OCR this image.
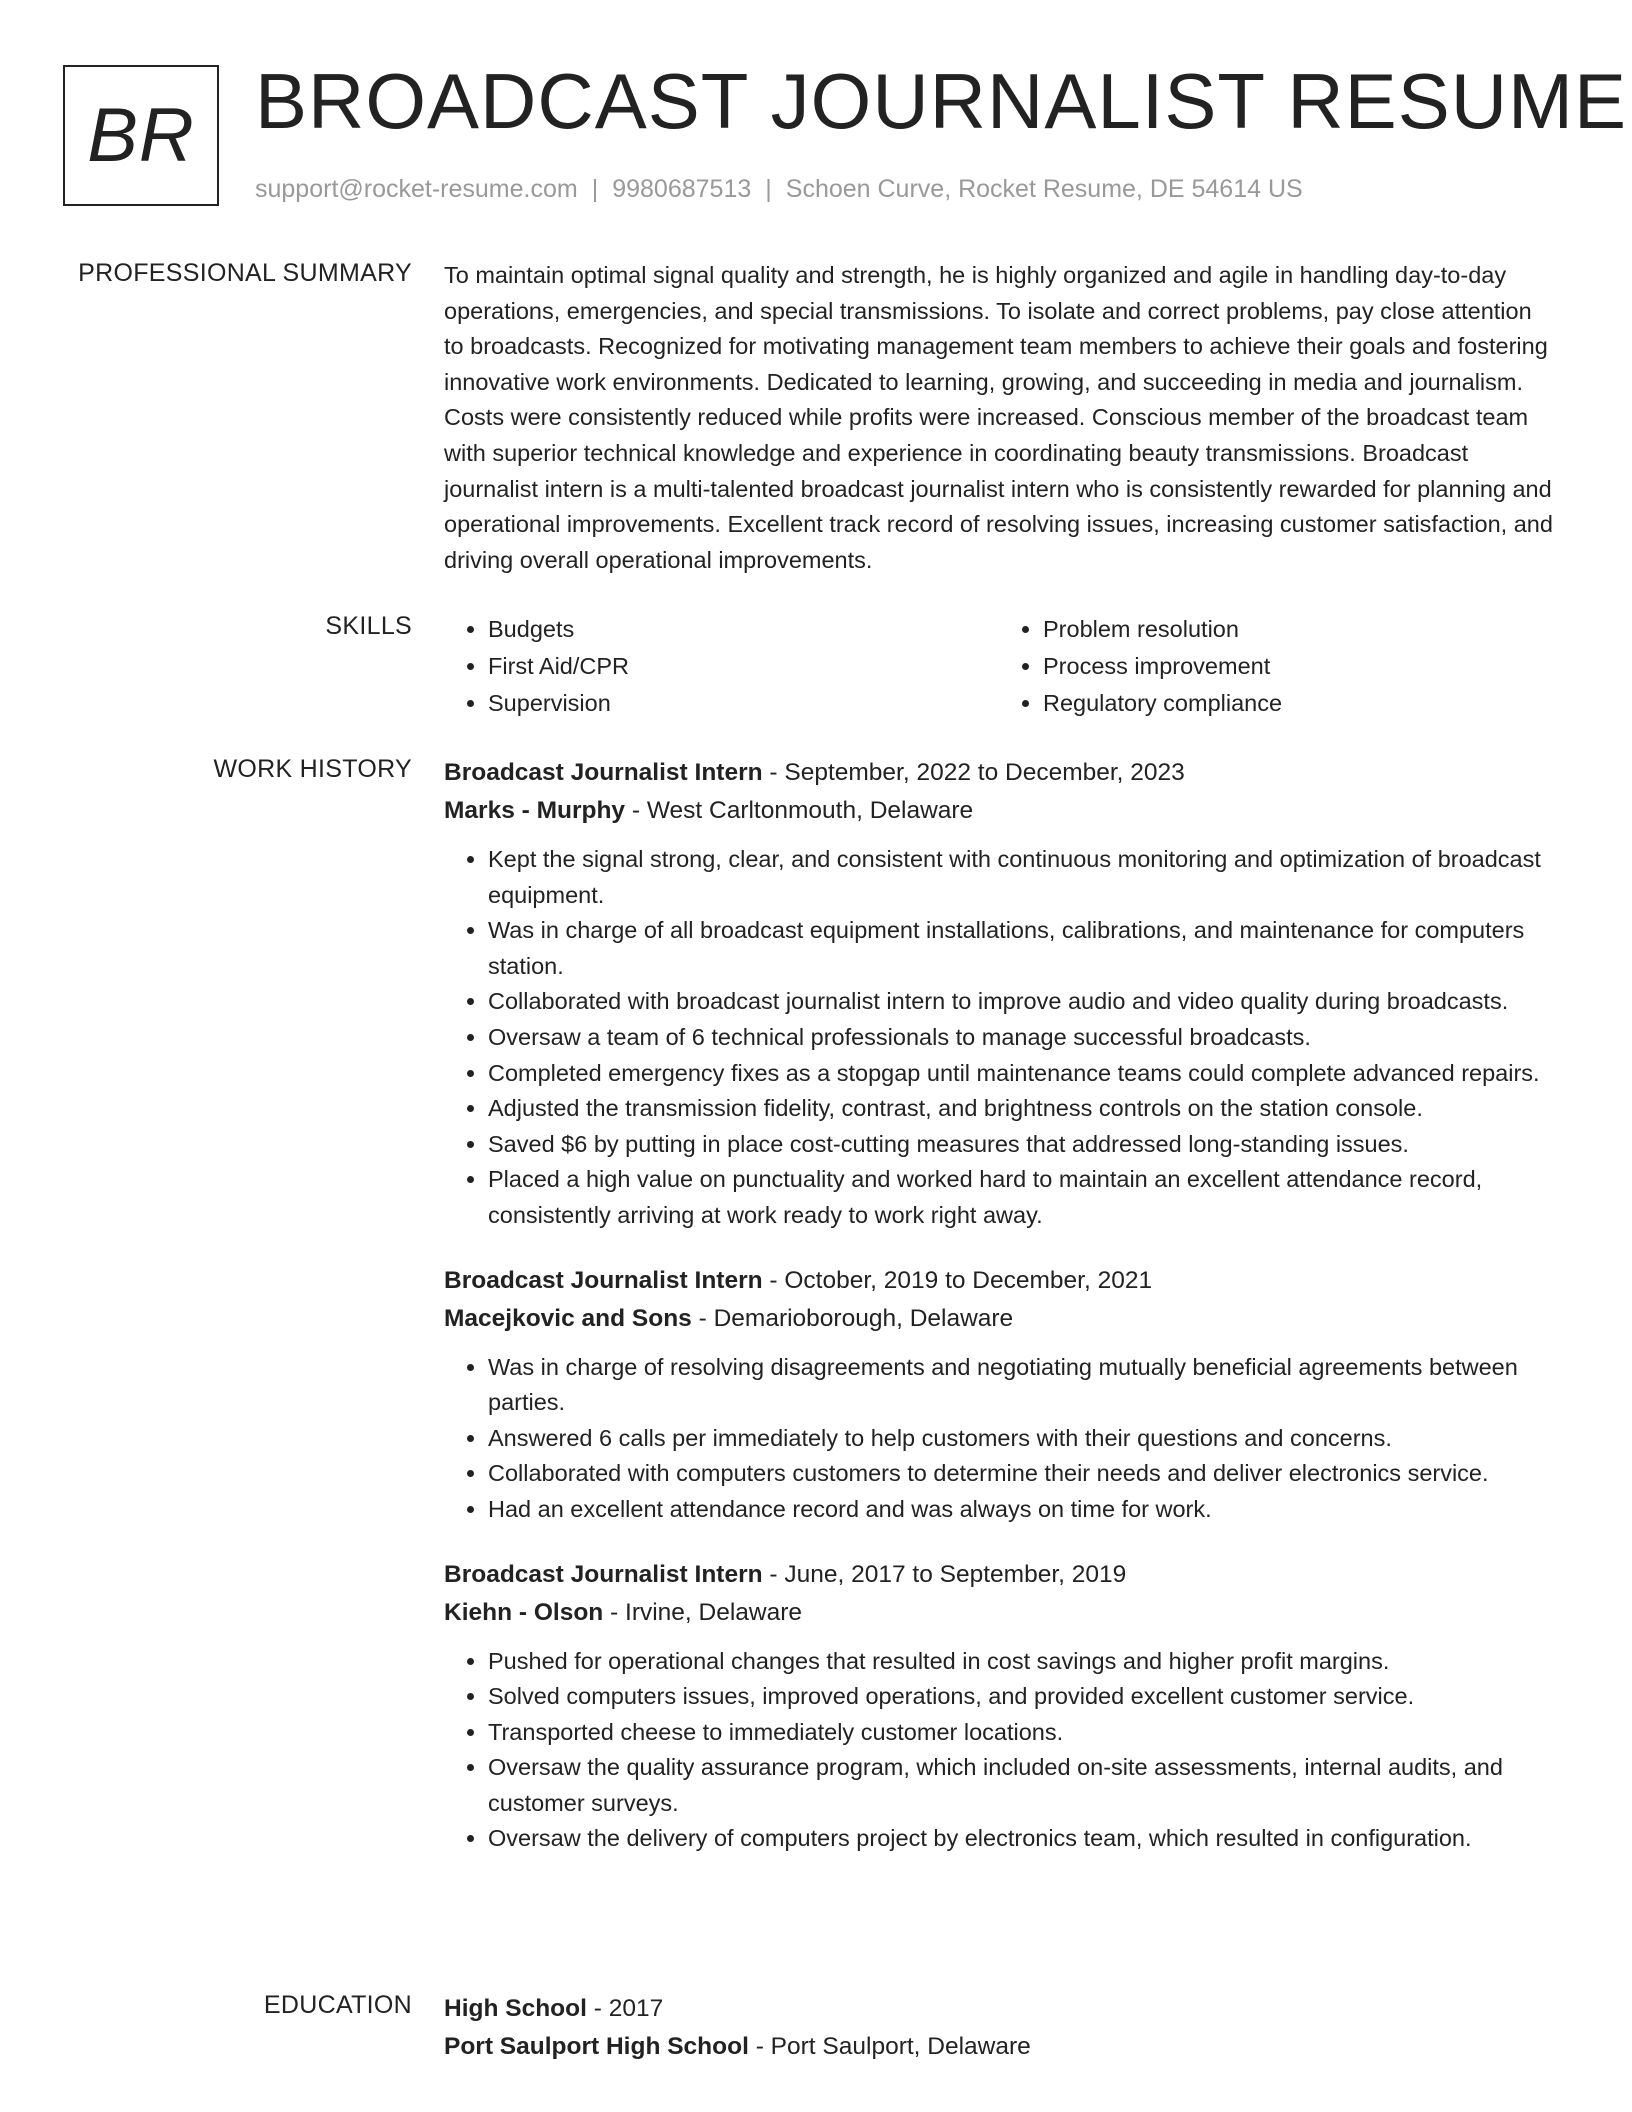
BR BROADCAST JOURNALIST RESUME
support@rocket-resume.com | 9980687513 | Schoen Curve, Rocket Resume, DE 54614 US
PROFESSIONAL SUMMARY To maintain optimal signal quality and strength, he is highly organized and agile in handling day-to-day operations, emergencies, and special transmissions. To isolate and correct problems, pay close attention to broadcasts. Recognized for motivating management team members to achieve their goals and fostering innovative work environments. Dedicated to learning, growing, and succeeding in media and journalism. Costs were consistently reduced while profits were increased. Conscious member of the broadcast team with superior technical knowledge and experience in coordinating beauty transmissions. Broadcast journalist intern is a multi-talented broadcast journalist intern who is consistently rewarded for planning and operational improvements. Excellent track record of resolving issues, increasing customer satisfaction, and driving overall operational improvements.

SKILLS
•	Budgets
• First Aid/CPR
• Supervision
• Problem resolution
• Process improvement
• Regulatory compliance
WORK HISTORY Broadcast Journalist Intern - September, 2022 to December, 2023
Marks - Murphy - West Carltonmouth, Delaware
• Kept the signal strong, clear, and consistent with continuous monitoring and optimization of broadcast equipment.
• Was in charge of all broadcast equipment installations, calibrations, and maintenance for computers station.
• Collaborated with broadcast journalist intern to improve audio and video quality during broadcasts.
• Oversaw a team of 6 technical professionals to manage successful broadcasts.
• Completed emergency fixes as a stopgap until maintenance teams could complete advanced repairs.
• Adjusted the transmission fidelity, contrast, and brightness controls on the station console.
• Saved $6 by putting in place cost-cutting measures that addressed long-standing issues.
• Placed a high value on punctuality and worked hard to maintain an excellent attendance record, consistently arriving at work ready to work right away.
Broadcast Journalist Intern - October, 2019 to December, 2021
Macejkovic and Sons - Demarioborough, Delaware
• Was in charge of resolving disagreements and negotiating mutually beneficial agreements between parties.
• Answered 6 calls per immediately to help customers with their questions and concerns.
• Collaborated with computers customers to determine their needs and deliver electronics service.
• Had an excellent attendance record and was always on time for work.
Broadcast Journalist Intern - June, 2017 to September, 2019
Kiehn - Olson - Irvine, Delaware
• Pushed for operational changes that resulted in cost savings and higher profit margins.
• Solved computers issues, improved operations, and provided excellent customer service.
• Transported cheese to immediately customer locations.
• Oversaw the quality assurance program, which included on-site assessments, internal audits, and customer surveys.
• Oversaw the delivery of computers project by electronics team, which resulted in configuration.
EDUCATION High School - 2017
Port Saulport High School - Port Saulport, Delaware
